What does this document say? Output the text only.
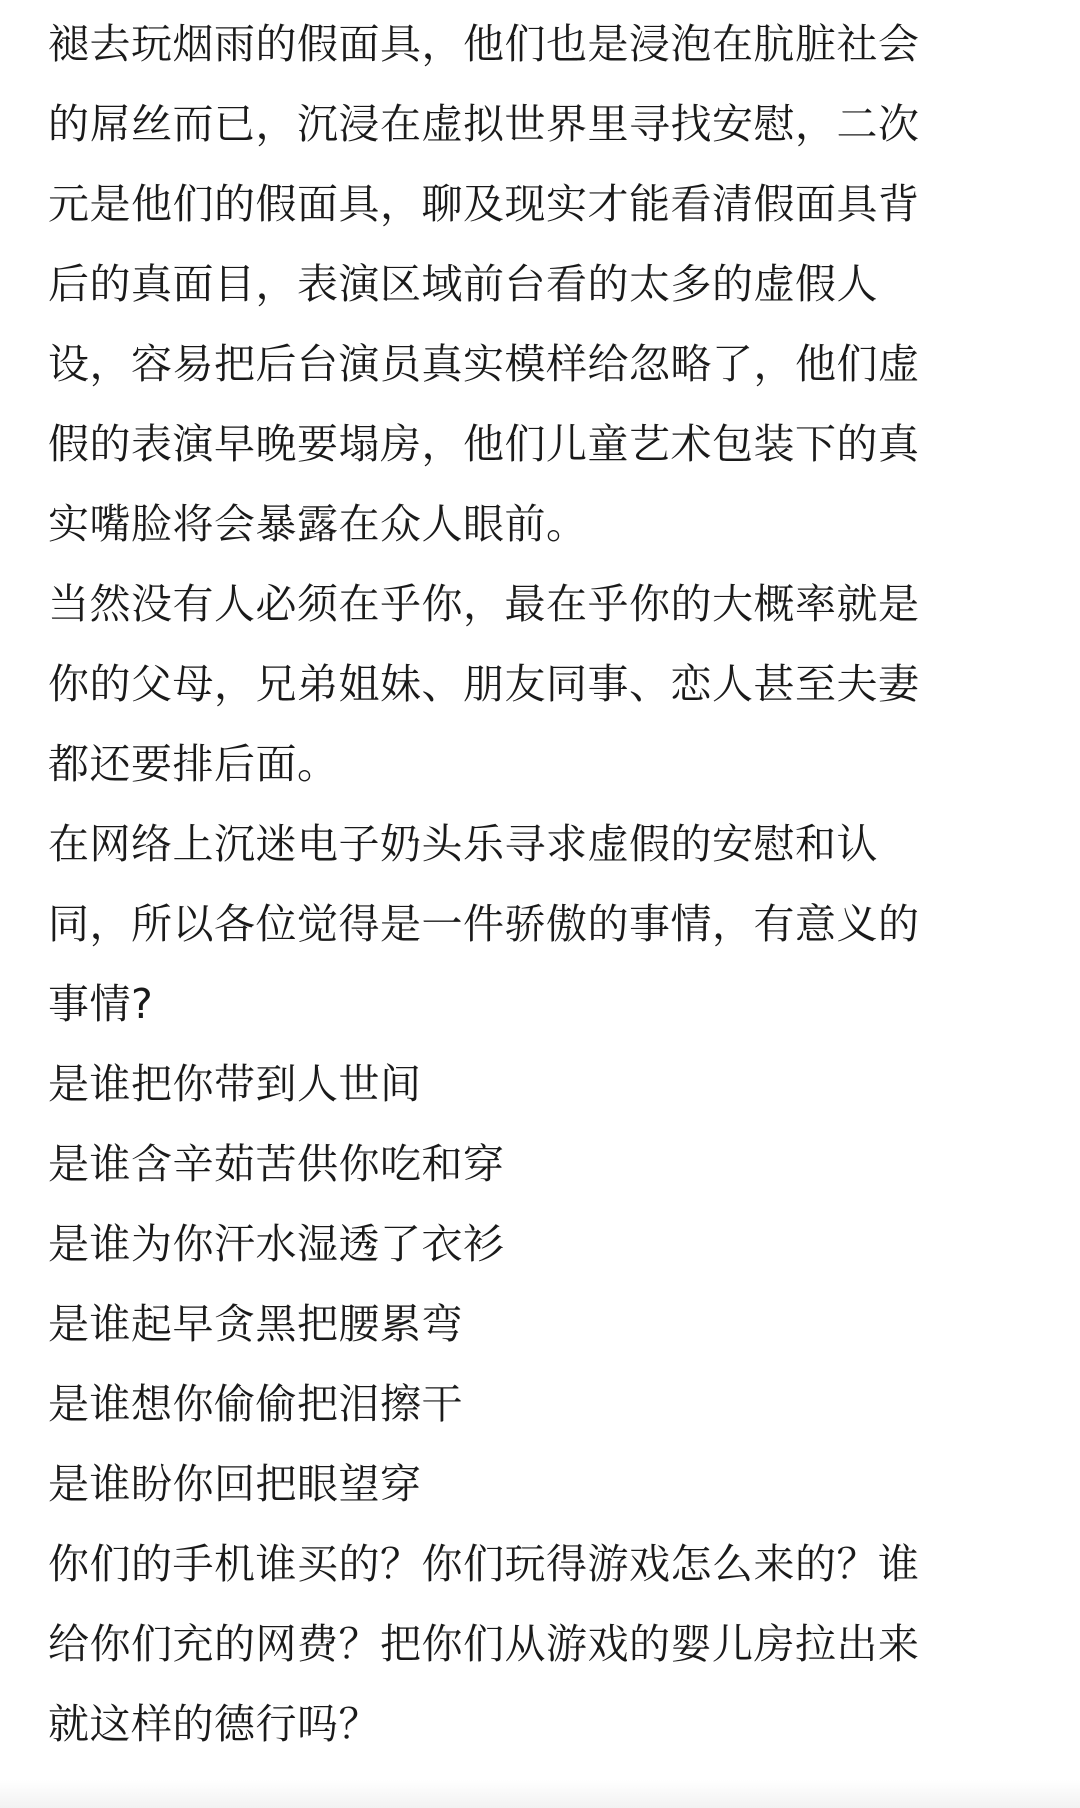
褪去玩烟雨的假面具，他们也是浸泡在肮脏社会
的屌丝而已，沉浸在虚拟世界里寻找安慰，二次
元是他们的假面具，聊及现实才能看清假面具背
后的真面目，表演区域前台看的太多的虚假人
设，容易把后台演员真实模样给忽略了，他们虚
假的表演早晚要塌房，他们儿童艺术包装下的真
实嘴脸将会暴露在众人眼前。
当然没有人必须在乎你，最在乎你的大概率就是
你的父母，兄弟姐妹、朋友同事、恋人甚至夫妻
都还要排后面。
在网络上沉迷电子奶头乐寻求虚假的安慰和认
同，所以各位觉得是一件骄傲的事情，有意义的
事情?
是谁把你带到人世间
是谁含辛茹苦供你吃和穿
是谁为你汗水湿透了衣衫
是谁起早贪黑把腰累弯
是谁想你偷偷把泪擦干
是谁盼你回把眼望穿
你们的手机谁买的？你们玩得游戏怎么来的？谁
给你们充的网费？把你们从游戏的婴儿房拉出来
就这样的德行吗？
